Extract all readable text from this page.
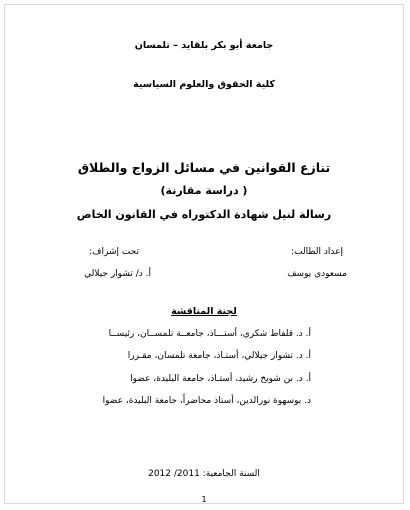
جامعة أبو بكر بلقايد – تلمسان
كلية الحقوق والعلوم السياسية
تنازع القوانين في مسائل الزواج والطلاق
( دراسة مقارنة)
رسالة لنيل شهادة الدكتوراه في القانون الخاص
إعداد الطالب:
تحت إشراف:
مسعودي يوسف
أ. د/ تشوار جيلالي
لجنة المناقشة
أ. د. قلفاط شكري، أستـــاذ، جامعــة تلمســان، رئيســا
أ. د. تشوار جيلالي، أستـاذ، جامعة تلمسان، مقـررا
أ. د. بن شويخ رشيد، أستـاذ، جامعة البليدة، عضوا
د. بوسهوة نورالدين، أستاذ محاضراً، جامعة البليدة، عضوا
السنة الجامعية: 2011/ 2012
1
